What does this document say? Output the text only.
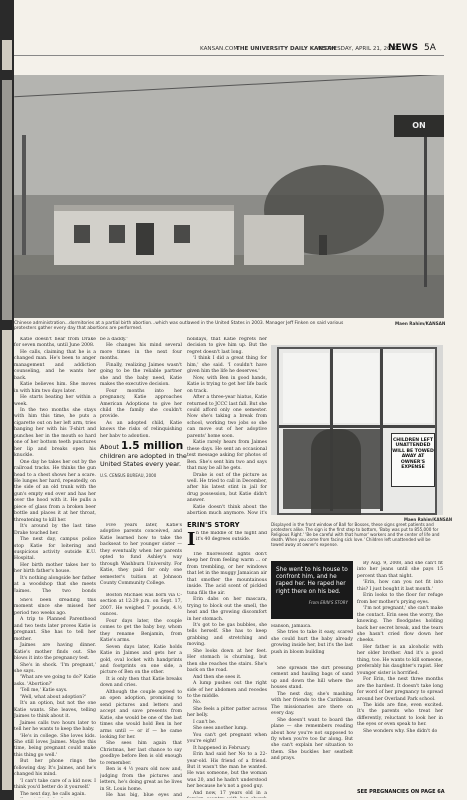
KANSAN.COM
THE UNIVERSITY DAILY KANSAN
WEDNESDAY, APRIL 21, 2010
NEWS 5A
ON
Chinese administration...dormitories at a partial birth abortion...which was outlawed in the United States in 2003. Manager Jeff Finken on said various protesters gather every day that abortions are performed.
Maen Rahim/KANSAN

Katie doesn't hear from Drake for seven months, until June 2008.

He calls, claiming that he is a changed man. He's been to anger management and addiction counseling, and he wants her back.

Katie believes him. She moves in with him two days later.

He starts beating her within a week.

In the two months she stays with him this time, he puts a cigarette out on her left arm, tries hanging her with his T-shirt and punches her in the mouth so hard one of her bottom teeth punctures her lip and breaks open his knuckle.

One day he takes her out by the railroad tracks. He thinks the gun head to a chest shows her a scare. He lunges her hard, repeatedly, on the side of an old trunk with the gun's empty end over and has her over the hood with it. He pulls a piece of glass from a broken beer bottle and places it at her throat, threatening to kill her.

It's around by the last time Drake touched her.

The next day, campus police stop Katie for loitering and suspicious activity outside K.U. Hospital.

Her birth mother takes her to her birth father's house.

It's nothing alongside her father at a woodshop that she meets Jaimes. The two bonds

She's been dreading this moment since she missed her period two weeks ago.

A trip to Planned Parenthood and two tests later proves Katie is pregnant. She has to tell her mother.

Jaimes are having dinner. Katie's mother finds out. She blows it into the pregnancy test.

She's in shock. 'I'm pregnant,' she says.

'What are we going to do?' Katie asks. 'Abortion?'

'Tell me,' Katie says.

'Well, what about adoption?'

It's an option, but not the one Katie wants. She leaves, telling Jaimes to think about it.

Jaimes calls two hours later to tell her he wants to keep the baby.

'He's in college. She loves kids. She still loves Jaimes. Maybe this time, being pregnant could make this thing go well.'

But her phone rings the following day. It's Jaimes, and he's changed his mind.

'I can't take care of a kid now. I think you'd better do it yourself.'

The next day, he calls again.

be a daddy.'

He changes his mind several more times in the next four months.

Finally, realizing Jaimes wasn't going to be the reliable partner she and the baby need, Katie makes the executive decision.

Four months into her pregnancy, Katie approaches American Adoptions to give her child the family she couldn't provide.

As an adopted child, Katie knows the risks of relinquishing her baby to adoption.

About 1.5 million children are adopted in the United States every year.
U.S. CENSUS BUREAU, 2000

Five years later, Katie's adoptive parents conceived, and Katie learned how to take the backseat to her younger sister — they eventually when her parents opted to fund Ashley's way through Washburn University. For Katie, they paid for only one semester's tuition at Johnson County Community College.

Boston Michael was born via C-section at 12:29 p.m. on Sept. 17, 2007. He weighed 7 pounds, 4.½ ounces.

Four days later, the couple comes to get the baby boy, whom they rename Benjamin, from Katie's arms.

Seven days later, Katie holds Katie in Jaimes and gets her a gold, oval locket with handprints and footprints on one side, a picture of Ben on the other.

It is only then that Katie breaks down and cries.

Although the couple agreed to an open adoption, promising to send pictures and letters and accept and save presents from Katie, she would be one of the last times she would hold Ben in her arms until — or if — he came looking for her.

She sees him again that Christmas, her last chance to say goodbye before Ben is old enough to remember.

Ben is 4 ½ years old now and, judging from the pictures and letters, he's doing great as he lives in St. Louis home.

He has big, blue eyes and

holidays, that Katie regrets her decision to give him up. But the regret doesn't last long.

'I think I did a great thing for him,' she said. 'I couldn't have given him the life he deserves.'

Now, with Ben in good hands, Katie is trying to get her life back on track.

After a three-year hiatus, Katie returned to JCCC last fall. But she could afford only one semester. Now she's taking a break from school, working two jobs so she can move out of her adoptive parents' home soon.

Katie rarely hears from Jaimes these days. He sent an occasional text message asking for photos of Ben. She's sent him two and says that may be all he gets.

Drake is out of the picture as well. He tried to call in December, after his latest stint in jail for drug possession, but Katie didn't answer.

Katie doesn't think about the abortion much anymore. Now it's

ERIN'S STORY
I n the middle of the night and it's 40 degrees outside.

The fluorescent lights don't keep her from feeling warm ... or from trembling, or her windows that let in the muggy Jamaican air that smother the mountainous inside. The acid scent of pickled tuna fills the air.

Erin dabs on her mascara, trying to block out the smell, the heat and the growing discomfort in her stomach.

It's got to be gas bubbles, she tells herself. She has to keep grabbing and stretching and moving.

She looks down at her feet. Her stomach is churning, but then she reaches the stairs. She's back on the road.

And then she sees it.

A lump pushes out the right side of her abdomen and recedes to the middle.

No.

She feels a pitter patter across her belly.

I can't be.

She sees another lump.

You can't get pregnant when you're eight!

It happened in February.

Erin had said her No to a 22-year-old. His friend of a friend. But it wasn't the man he wanted. He was someone, but the woman was 20, and he hadn't understood her because he's not a good guy.

And now, 17 years old in a

CHILDREN LEFT UNATTENDED WILL BE TOWED AWAY AT OWNER'S EXPENSE
Maen Rahim/KANSAN
Displayed in the front window of Ball for Bosses, these signs greet patients and protesters alike. The sign is the first step to bottom, 'Baby was put to 855,000 for Religious Right.' 'Be be careful with that humor' workers and the center of life and death. When you come from facing sick love.' Children left unattended will be towed away at owner's expense.
She went to his house to confront him, and he raped her. He raped her right there on his bed.
From ERIN'S STORY

Hanson, Jamaica.

She tries to take it easy, scared she could hurt the baby already growing inside her, but it's the last push in bloom building

She spreads the dirt pressing cement and hauling bags of sand up and down the hill where the houses stand.

The next day, she's mashing with her friends to the Caribbean. The missionaries are there on every day.

She doesn't want to board the plane — she remembers reading about how you're not supposed to fly when you're too far along. But she can't explain her situation to them. She buckles her seatbelt and prays.

By Aug. 9, 2008, and she can't fit into her jeans until she pays 15 percent than that night.

'Erin, how can you not fit into this? I just bought it last month.'

Erin looks to the floor for refuge from her mother's prying eyes.

'I'm not pregnant,' she can't make the contact. Erin sees the worry, the knowing. The floodgates holding back her secret break, and the tears she hasn't cried flow down her cheeks.

Her father is an alcoholic with her older brother. And it's a good thing, too. He wants to kill someone, preferably his daughter's rapist. Her younger sister is horrified.

For Erin, the next three months are the hardest. It doesn't take long for word of her pregnancy to spread around her Overland Park school.

The kids are fine, even excited. It's the parents who treat her differently, reluctant to look her in the eyes or even speak to her.

She wonders why. She didn't do

SEE PREGNANCIES ON PAGE 6A
